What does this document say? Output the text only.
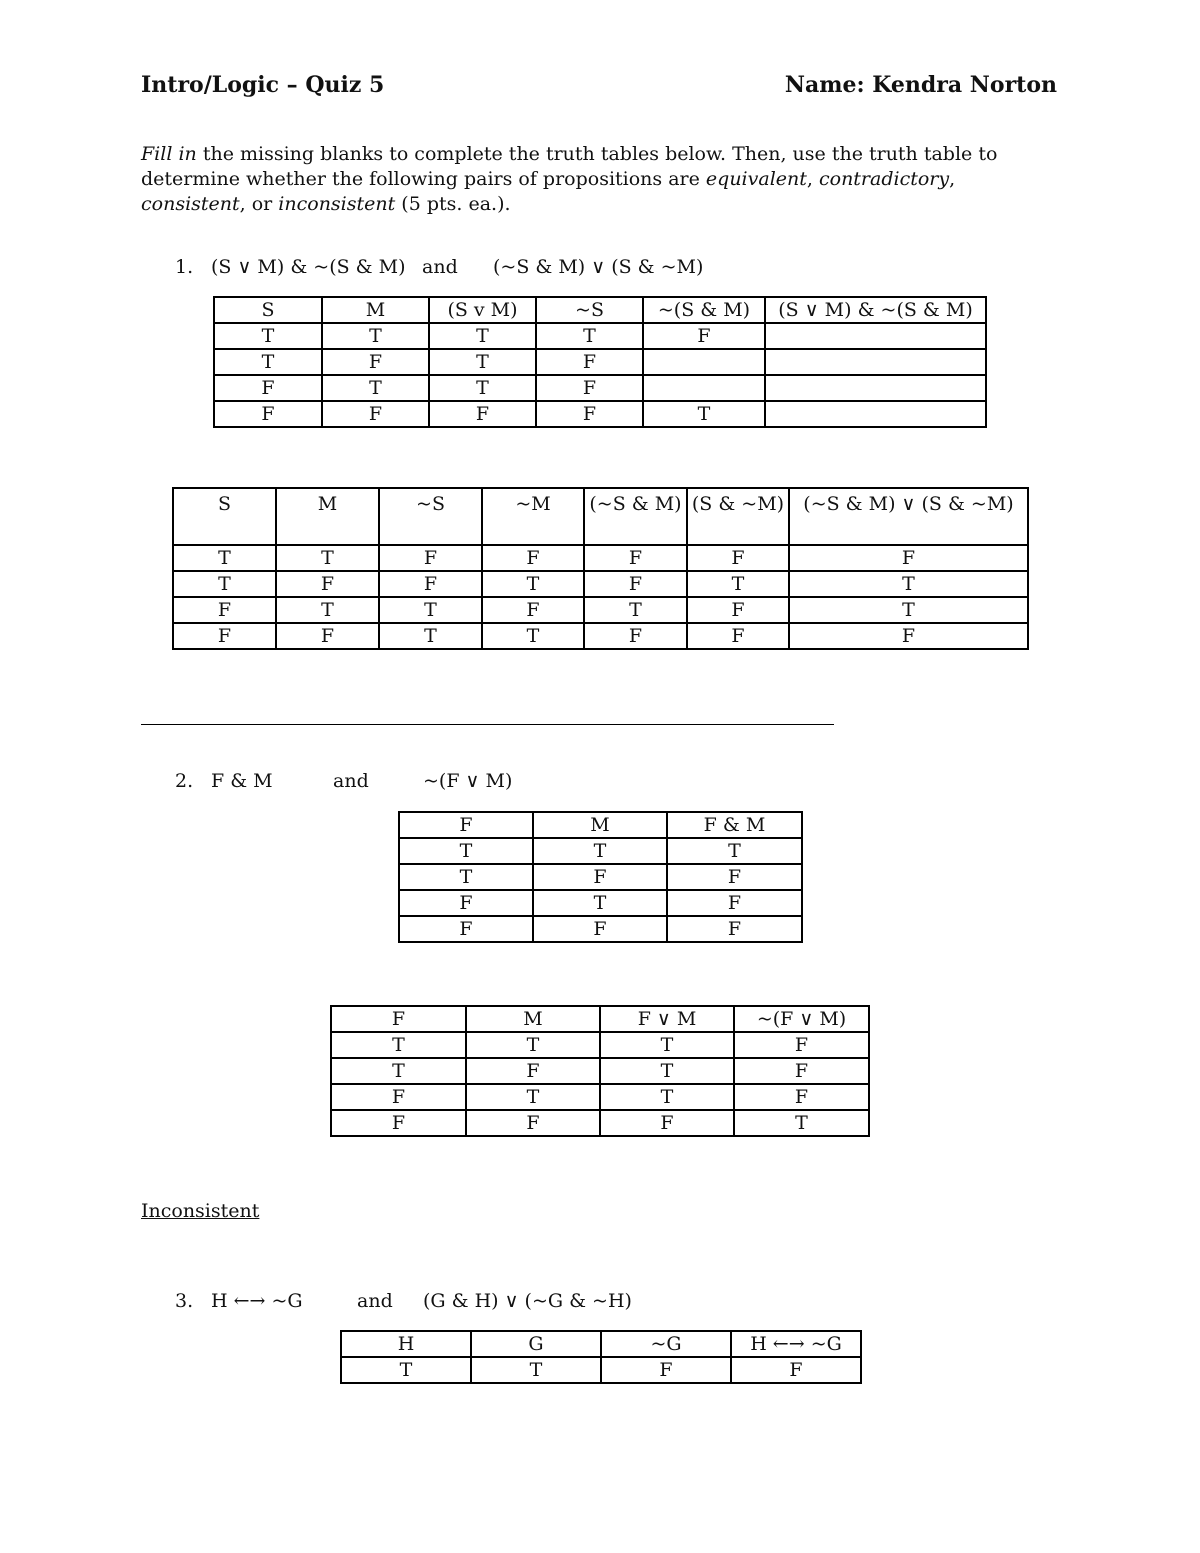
Intro/Logic – Quiz 5	Name: Kendra Norton
Fill in the missing blanks to complete the truth tables below. Then, use the truth table to determine whether the following pairs of propositions are equivalent, contradictory, consistent, or inconsistent (5 pts. ea.).
1. (S ∨ M) & ~(S & M) and (~S & M) ∨ (S & ~M)
S	M	(S v M)	~S	~(S & M)	(S ∨ M) & ~(S & M)
T	T	T	T	F	
T	F	T	F		
F	T	T	F		
F	F	F	F	T	
S	M	~S	~M	(~S & M)	(S & ~M)	(~S & M) ∨ (S & ~M)
T	T	F	F	F	F	F
T	F	F	T	F	T	T
F	T	T	F	T	F	T
F	F	T	T	F	F	F
2. F & M	and	~(F ∨ M)
F	M	F & M
T	T	T
T	F	F
F	T	F
F	F	F
F	M	F ∨ M	~(F ∨ M)
T	T	T	F
T	F	T	F
F	T	T	F
F	F	F	T
Inconsistent
3. H ←→ ~G	and (G & H) ∨ (~G & ~H)
H	G	~G	H ←→ ~G
T	T	F	F
